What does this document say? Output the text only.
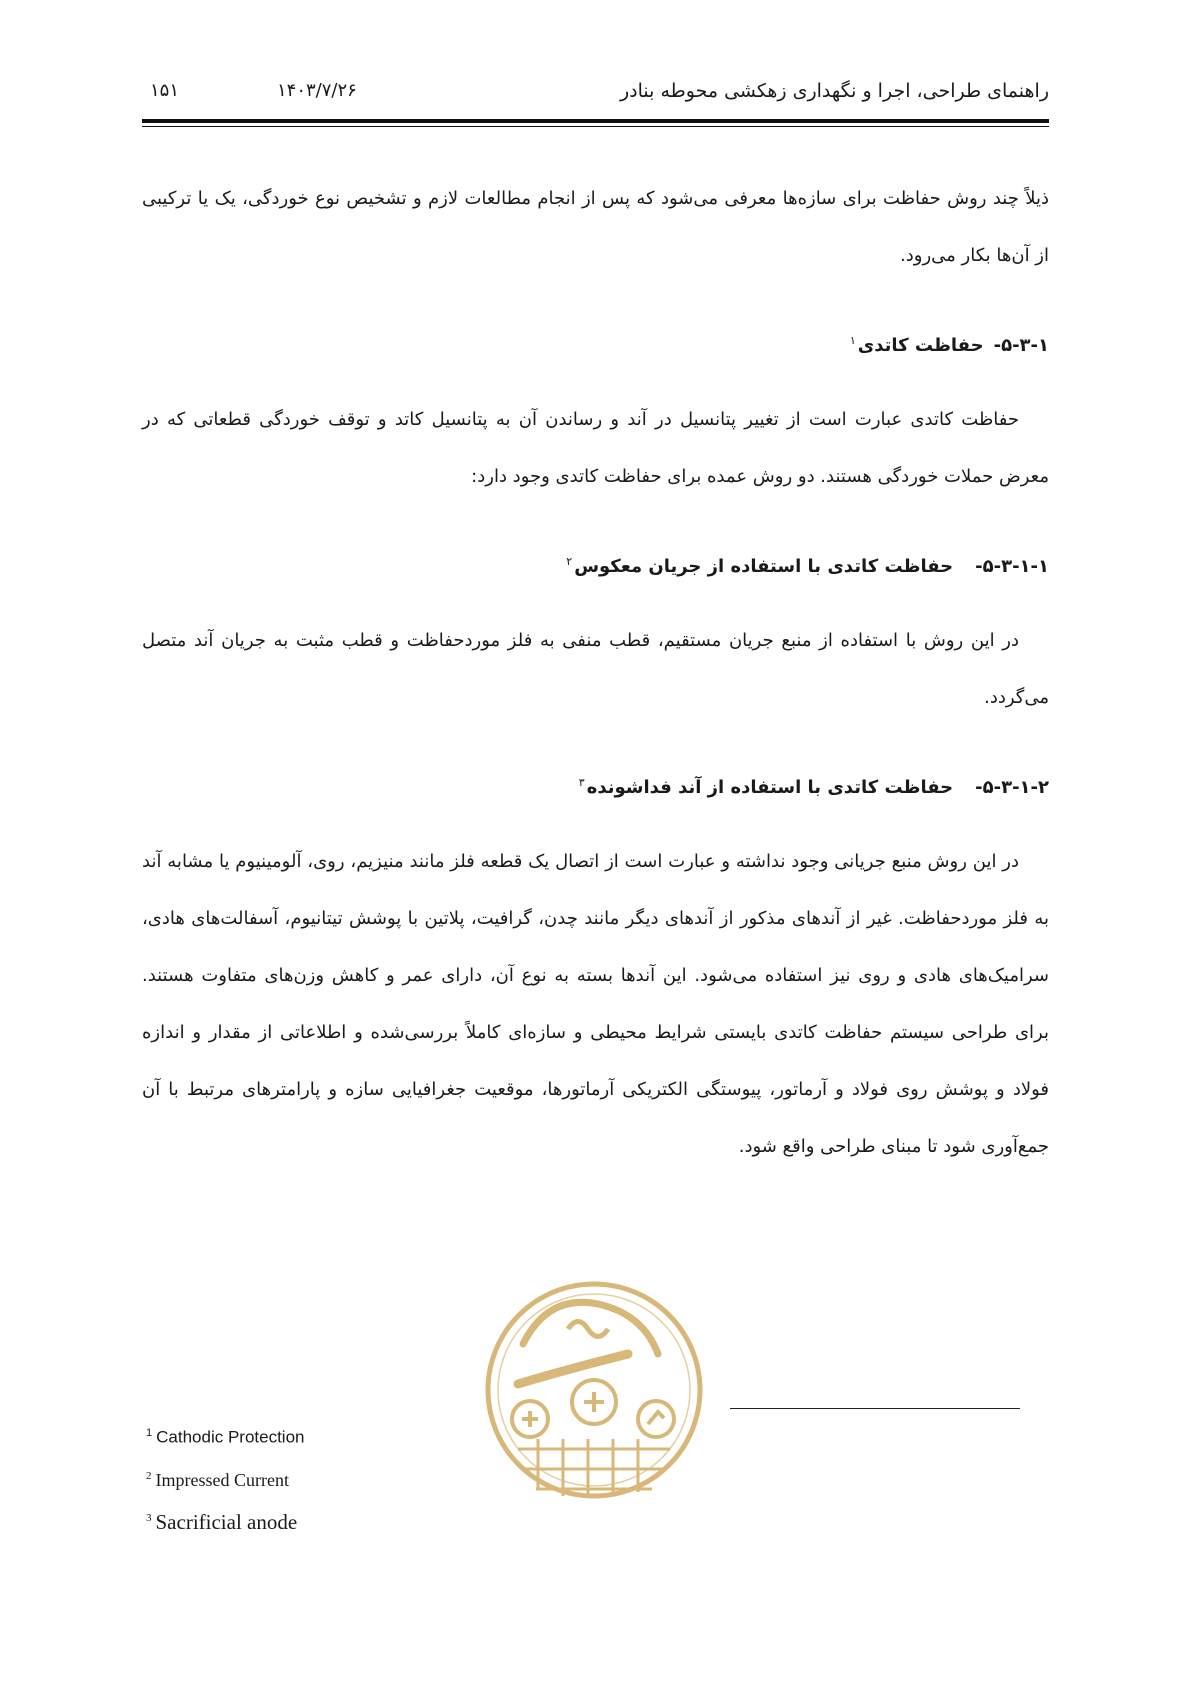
۱۵۱	۱۴۰۳/۷/۲۶	راهنمای طراحی، اجرا و نگهداری زهکشی محوطه بنادر

ذیلاً چند روش حفاظت برای سازه‌ها معرفی می‌شود که پس از انجام مطالعات لازم و تشخیص نوع خوردگی، یک یا ترکیبی از آن‌ها بکار می‌رود.

۵-۳-۱-حفاظت کاتدی$^۱$

حفاظت کاتدی عبارت است از تغییر پتانسیل در آند و رساندن آن به پتانسیل کاتد و توقف خوردگی قطعاتی که در معرض حملات خوردگی هستند. دو روش عمده برای حفاظت کاتدی وجود دارد:

۵-۳-۱-۱-حفاظت کاتدی با استفاده از جریان معکوس$^۲$

در این روش با استفاده از منبع جریان مستقیم، قطب منفی به فلز موردحفاظت و قطب مثبت به جریان آند متصل می‌گردد.

۵-۳-۱-۲-حفاظت کاتدی با استفاده از آند فداشونده$^۳$

در این روش منبع جریانی وجود نداشته و عبارت است از اتصال یک قطعه فلز مانند منیزیم، روی، آلومینیوم یا مشابه آند به فلز موردحفاظت. غیر از آندهای مذکور از آندهای دیگر مانند چدن، گرافیت، پلاتین با پوشش تیتانیوم، آسفالت‌های هادی، سرامیک‌های هادی و روی نیز استفاده می‌شود. این آندها بسته به نوع آن، دارای عمر و کاهش وزن‌های متفاوت هستند. برای طراحی سیستم حفاظت کاتدی بایستی شرایط محیطی و سازه‌ای کاملاً بررسی‌شده و اطلاعاتی از مقدار و اندازه فولاد و پوشش روی فولاد و آرماتور، پیوستگی الکتریکی آرماتورها، موقعیت جغرافیایی سازه و پارامترهای مرتبط با آن جمع‌آوری شود تا مبنای طراحی واقع شود.

$^1$ Cathodic Protection

$^2$ Impressed Current

$^3$ Sacrificial anode
